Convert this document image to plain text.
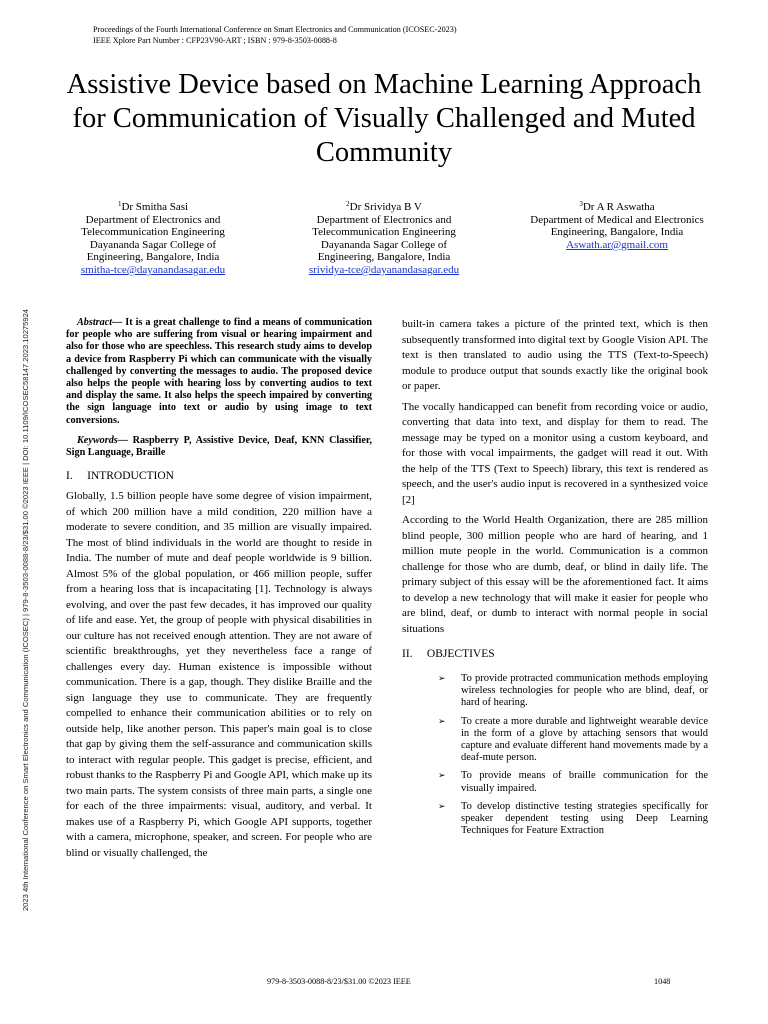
Proceedings of the Fourth International Conference on Smart Electronics and Communication (ICOSEC-2023)
IEEE Xplore Part Number : CFP23V90-ART ; ISBN : 979-8-3503-0088-8
2023 4th International Conference on Smart Electronics and Communication (ICOSEC) | 979-8-3503-0088-8/23/$31.00 ©2023 IEEE | DOI: 10.1109/ICOSEC58147.2023.10275924
Assistive Device based on Machine Learning Approach for Communication of Visually Challenged and Muted Community
$^1$Dr Smitha Sasi
Department of Electronics and
Telecommunication Engineering
Dayananda Sagar College of
Engineering, Bangalore, India
smitha-tce@dayanandasagar.edu
$^2$Dr Srividya B V
Department of Electronics and
Telecommunication Engineering
Dayananda Sagar College of
Engineering, Bangalore, India
srividya-tce@dayanandasagar.edu
$^3$Dr A R Aswatha
Department of Medical and Electronics
Engineering, Bangalore, India
Aswath.ar@gmail.com

Abstract— It is a great challenge to find a means of communication for people who are suffering from visual or hearing impairment and also for those who are speechless. This research study aims to develop a device from Raspberry Pi which can communicate with the visually challenged by converting the messages to audio. The proposed device also helps the people with hearing loss by converting audios to text and display the same. It also helps the speech impaired by converting the sign language into text or audio by using image to text conversions.

Keywords— Raspberry P, Assistive Device, Deaf, KNN Classifier, Sign Language, Braille

I. INTRODUCTION

Globally, 1.5 billion people have some degree of vision impairment, of which 200 million have a mild condition, 220 million have a moderate to severe condition, and 35 million are visually impaired. The most of blind individuals in the world are thought to reside in India. The number of mute and deaf people worldwide is 9 billion. Almost 5% of the global population, or 466 million people, suffer from a hearing loss that is incapacitating [1]. Technology is always evolving, and over the past few decades, it has improved our quality of life and ease. Yet, the group of people with physical disabilities in our culture has not received enough attention. They are not aware of scientific breakthroughs, yet they nevertheless face a range of challenges every day. Human existence is impossible without communication. There is a gap, though. They dislike Braille and the sign language they use to communicate. They are frequently compelled to enhance their communication abilities or to rely on outside help, like another person. This paper's main goal is to close that gap by giving them the self-assurance and communication skills to interact with regular people. This gadget is precise, efficient, and robust thanks to the Raspberry Pi and Google API, which make up its two main parts. The system consists of three main parts, a single one for each of the three impairments: visual, auditory, and verbal. It makes use of a Raspberry Pi, which Google API supports, together with a camera, microphone, speaker, and screen. For people who are blind or visually challenged, the

built-in camera takes a picture of the printed text, which is then subsequently transformed into digital text by Google Vision API. The text is then translated to audio using the TTS (Text-to-Speech) module to produce output that sounds exactly like the original book or paper.

The vocally handicapped can benefit from recording voice or audio, converting that data into text, and display for them to read. The message may be typed on a monitor using a custom keyboard, and for those with vocal impairments, the gadget will read it out. With the help of the TTS (Text to Speech) library, this text is rendered as speech, and the user's audio input is recovered in a synthesized voice [2]

According to the World Health Organization, there are 285 million blind people, 300 million people who are hard of hearing, and 1 million mute people in the world. Communication is a common challenge for those who are dumb, deaf, or blind in daily life. The primary subject of this essay will be the aforementioned fact. It aims to develop a new technology that will make it easier for people who are blind, deaf, or dumb to interact with normal people in social situations

II. OBJECTIVES

➢ To provide protracted communication methods employing wireless technologies for people who are blind, deaf, or hard of hearing.
➢ To create a more durable and lightweight wearable device in the form of a glove by attaching sensors that would capture and evaluate different hand movements made by a deaf-mute person.
➢ To provide means of braille communication for the visually impaired.
➢ To develop distinctive testing strategies specifically for speaker dependent testing using Deep Learning Techniques for Feature Extraction
979-8-3503-0088-8/23/$31.00 ©2023 IEEE	1048
